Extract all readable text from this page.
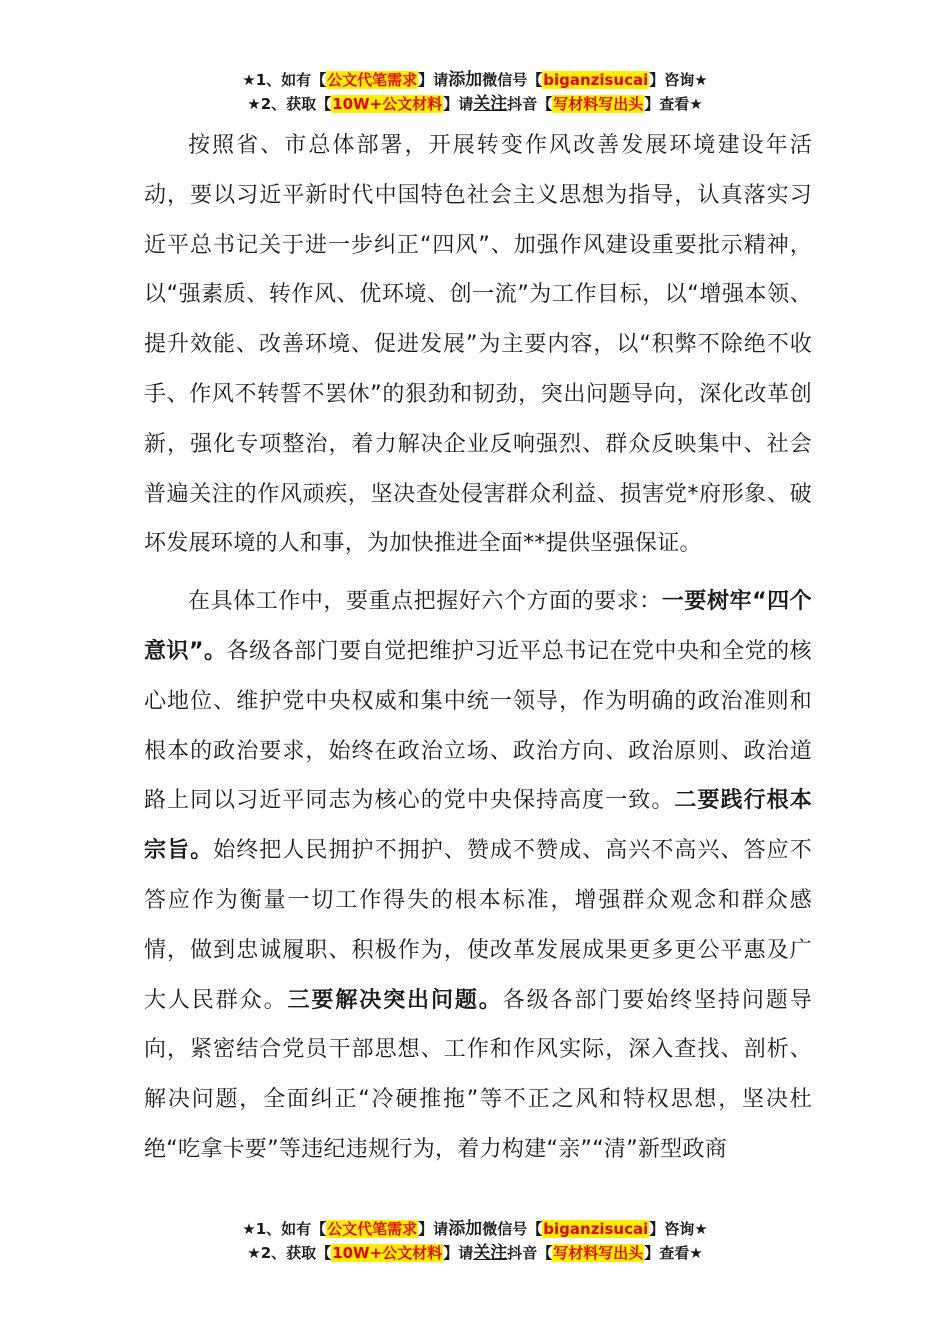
★1、如有【公文代笔需求】请添加微信号【biganzisucai】咨询★
★2、获取【10W+公文材料】请关注抖音【写材料写出头】查看★

按照省、市总体部署，开展转变作风改善发展环境建设年活动，要以习近平新时代中国特色社会主义思想为指导，认真落实习近平总书记关于进一步纠正“四风”、加强作风建设重要批示精神，以“强素质、转作风、优环境、创一流”为工作目标，以“增强本领、提升效能、改善环境、促进发展”为主要内容，以“积弊不除绝不收手、作风不转誓不罢休”的狠劲和韧劲，突出问题导向，深化改革创新，强化专项整治，着力解决企业反响强烈、群众反映集中、社会普遍关注的作风顽疾，坚决查处侵害群众利益、损害党*府形象、破坏发展环境的人和事，为加快推进全面**提供坚强保证。

在具体工作中，要重点把握好六个方面的要求：一要树牢“四个意识”。各级各部门要自觉把维护习近平总书记在党中央和全党的核心地位、维护党中央权威和集中统一领导，作为明确的政治准则和根本的政治要求，始终在政治立场、政治方向、政治原则、政治道路上同以习近平同志为核心的党中央保持高度一致。二要践行根本宗旨。始终把人民拥护不拥护、赞成不赞成、高兴不高兴、答应不答应作为衡量一切工作得失的根本标准，增强群众观念和群众感情，做到忠诚履职、积极作为，使改革发展成果更多更公平惠及广大人民群众。三要解决突出问题。各级各部门要始终坚持问题导向，紧密结合党员干部思想、工作和作风实际，深入查找、剖析、解决问题，全面纠正“冷硬推拖”等不正之风和特权思想，坚决杜绝“吃拿卡要”等违纪违规行为，着力构建“亲”“清”新型政商

★1、如有【公文代笔需求】请添加微信号【biganzisucai】咨询★
★2、获取【10W+公文材料】请关注抖音【写材料写出头】查看★
